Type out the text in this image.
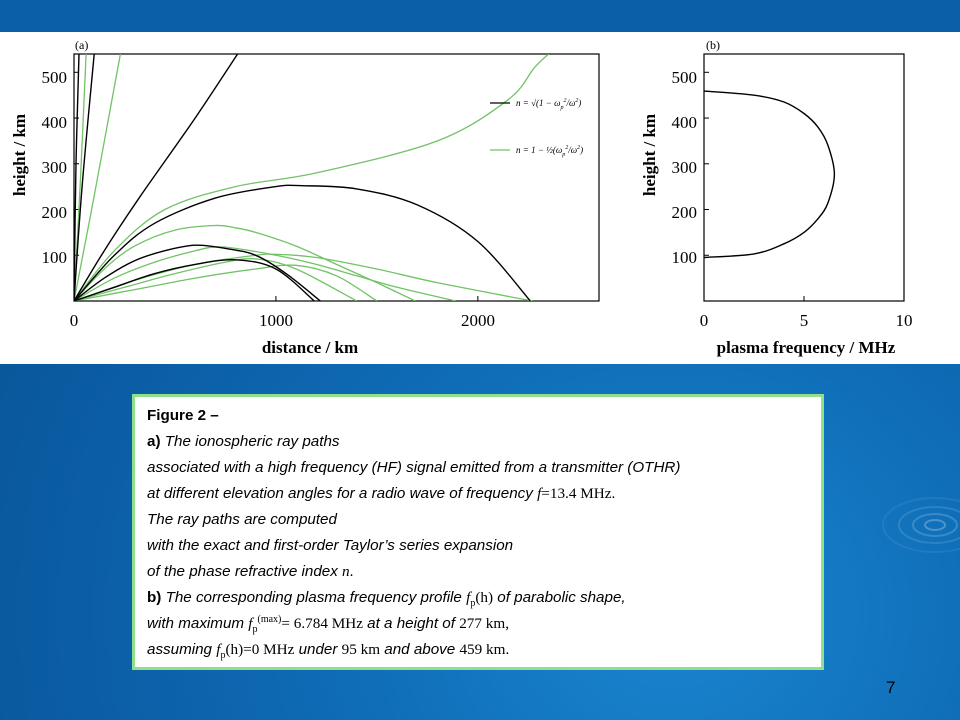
(a)
0	1000	2000
100
200
300
400
500
distance / km
height / km
$n = √(1 - \omega_p^2/\omega^2)$
$n = 1 - \frac{1}{2}(\omega_p^2/\omega^2)$
(b)
0	5	10
100
200
300
400
500
plasma frequency / MHz
height / km
Figure 2 –
a) The ionospheric ray paths
associated with a high frequency (HF) signal emitted from a transmitter (OTHR)
at different elevation angles for a radio wave of frequency f=13.4 MHz.
The ray paths are computed
with the exact and first-order Taylor’s series expansion
of the phase refractive index n.
b) The corresponding plasma frequency profile $f_p(h)$ of parabolic shape,
with maximum $f_p^{(max)}= 6.784$ MHz at a height of 277 km,
assuming $f_p(h)=0$ MHz under 95 km and above 459 km.
7
